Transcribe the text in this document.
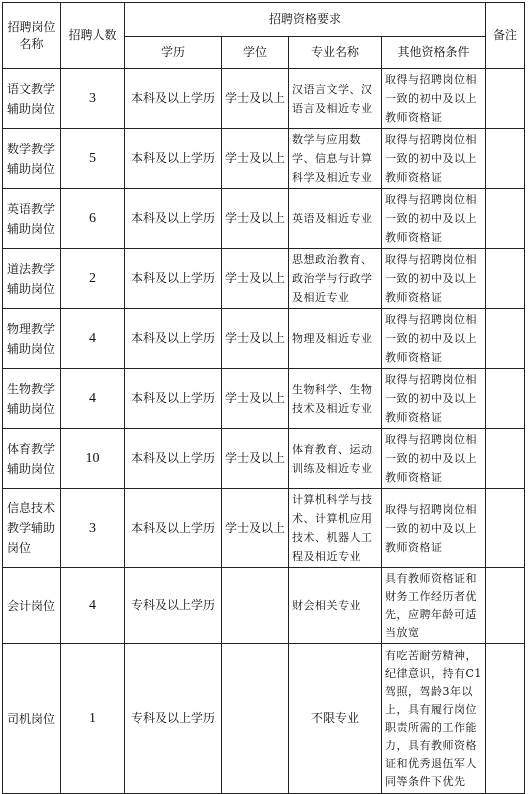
招聘岗位名称	招聘人数	招聘资格要求				备注
		学历	学位	专业名称	其他资格条件	
语文教学辅助岗位	3	本科及以上学历	学士及以上	汉语言文学、汉语言及相近专业	取得与招聘岗位相一致的初中及以上教师资格证	
数学教学辅助岗位	5	本科及以上学历	学士及以上	数学与应用数学、信息与计算科学及相近专业	取得与招聘岗位相一致的初中及以上教师资格证	
英语教学辅助岗位	6	本科及以上学历	学士及以上	英语及相近专业	取得与招聘岗位相一致的初中及以上教师资格证	
道法教学辅助岗位	2	本科及以上学历	学士及以上	思想政治教育、政治学与行政学及相近专业	取得与招聘岗位相一致的初中及以上教师资格证	
物理教学辅助岗位	4	本科及以上学历	学士及以上	物理及相近专业	取得与招聘岗位相一致的初中及以上教师资格证	
生物教学辅助岗位	4	本科及以上学历	学士及以上	生物科学、生物技术及相近专业	取得与招聘岗位相一致的初中及以上教师资格证	
体育教学辅助岗位	10	本科及以上学历	学士及以上	体育教育、运动训练及相近专业	取得与招聘岗位相一致的初中及以上教师资格证	
信息技术教学辅助岗位	3	本科及以上学历	学士及以上	计算机科学与技术、计算机应用技术、机器人工程及相近专业	取得与招聘岗位相一致的初中及以上教师资格证	
会计岗位	4	专科及以上学历		财会相关专业	具有教师资格证和财务工作经历者优先，应聘年龄可适当放宽	
司机岗位	1	专科及以上学历		不限专业	有吃苦耐劳精神，纪律意识，持有C1驾照，驾龄3年以上，具有履行岗位职责所需的工作能力，具有教师资格证和优秀退伍军人同等条件下优先	
